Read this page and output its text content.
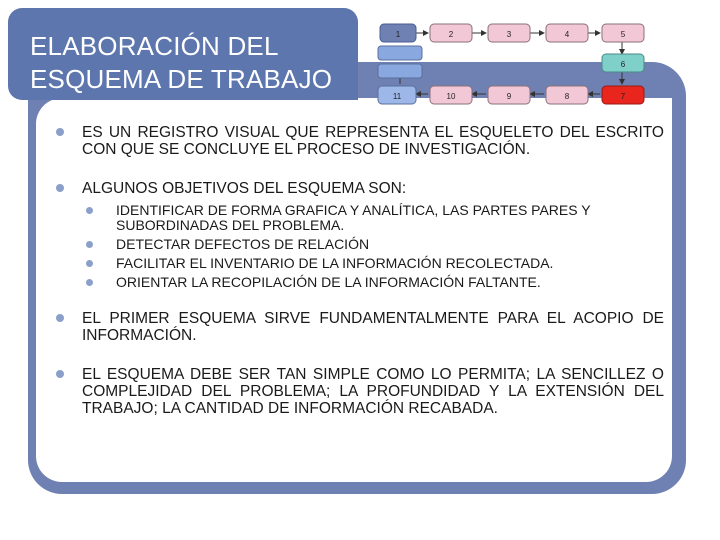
ELABORACIÓN DEL
ESQUEMA DE TRABAJO
1	2	3	4	5
6
11	10	9	8	7
ES UN REGISTRO VISUAL QUE REPRESENTA EL ESQUELETO DEL ESCRITO CON QUE SE CONCLUYE EL PROCESO DE INVESTIGACIÓN.
ALGUNOS OBJETIVOS DEL ESQUEMA SON:
IDENTIFICAR DE FORMA GRAFICA Y ANALÍTICA, LAS PARTES PARES Y SUBORDINADAS DEL PROBLEMA.
DETECTAR DEFECTOS DE RELACIÓN
FACILITAR EL INVENTARIO DE LA INFORMACIÓN RECOLECTADA.
ORIENTAR LA RECOPILACIÓN DE LA INFORMACIÓN FALTANTE.
EL PRIMER ESQUEMA SIRVE FUNDAMENTALMENTE PARA EL ACOPIO DE INFORMACIÓN.
EL ESQUEMA DEBE SER TAN SIMPLE COMO LO PERMITA; LA SENCILLEZ O COMPLEJIDAD DEL PROBLEMA; LA PROFUNDIDAD Y LA EXTENSIÓN DEL TRABAJO; LA CANTIDAD DE INFORMACIÓN RECABADA.
